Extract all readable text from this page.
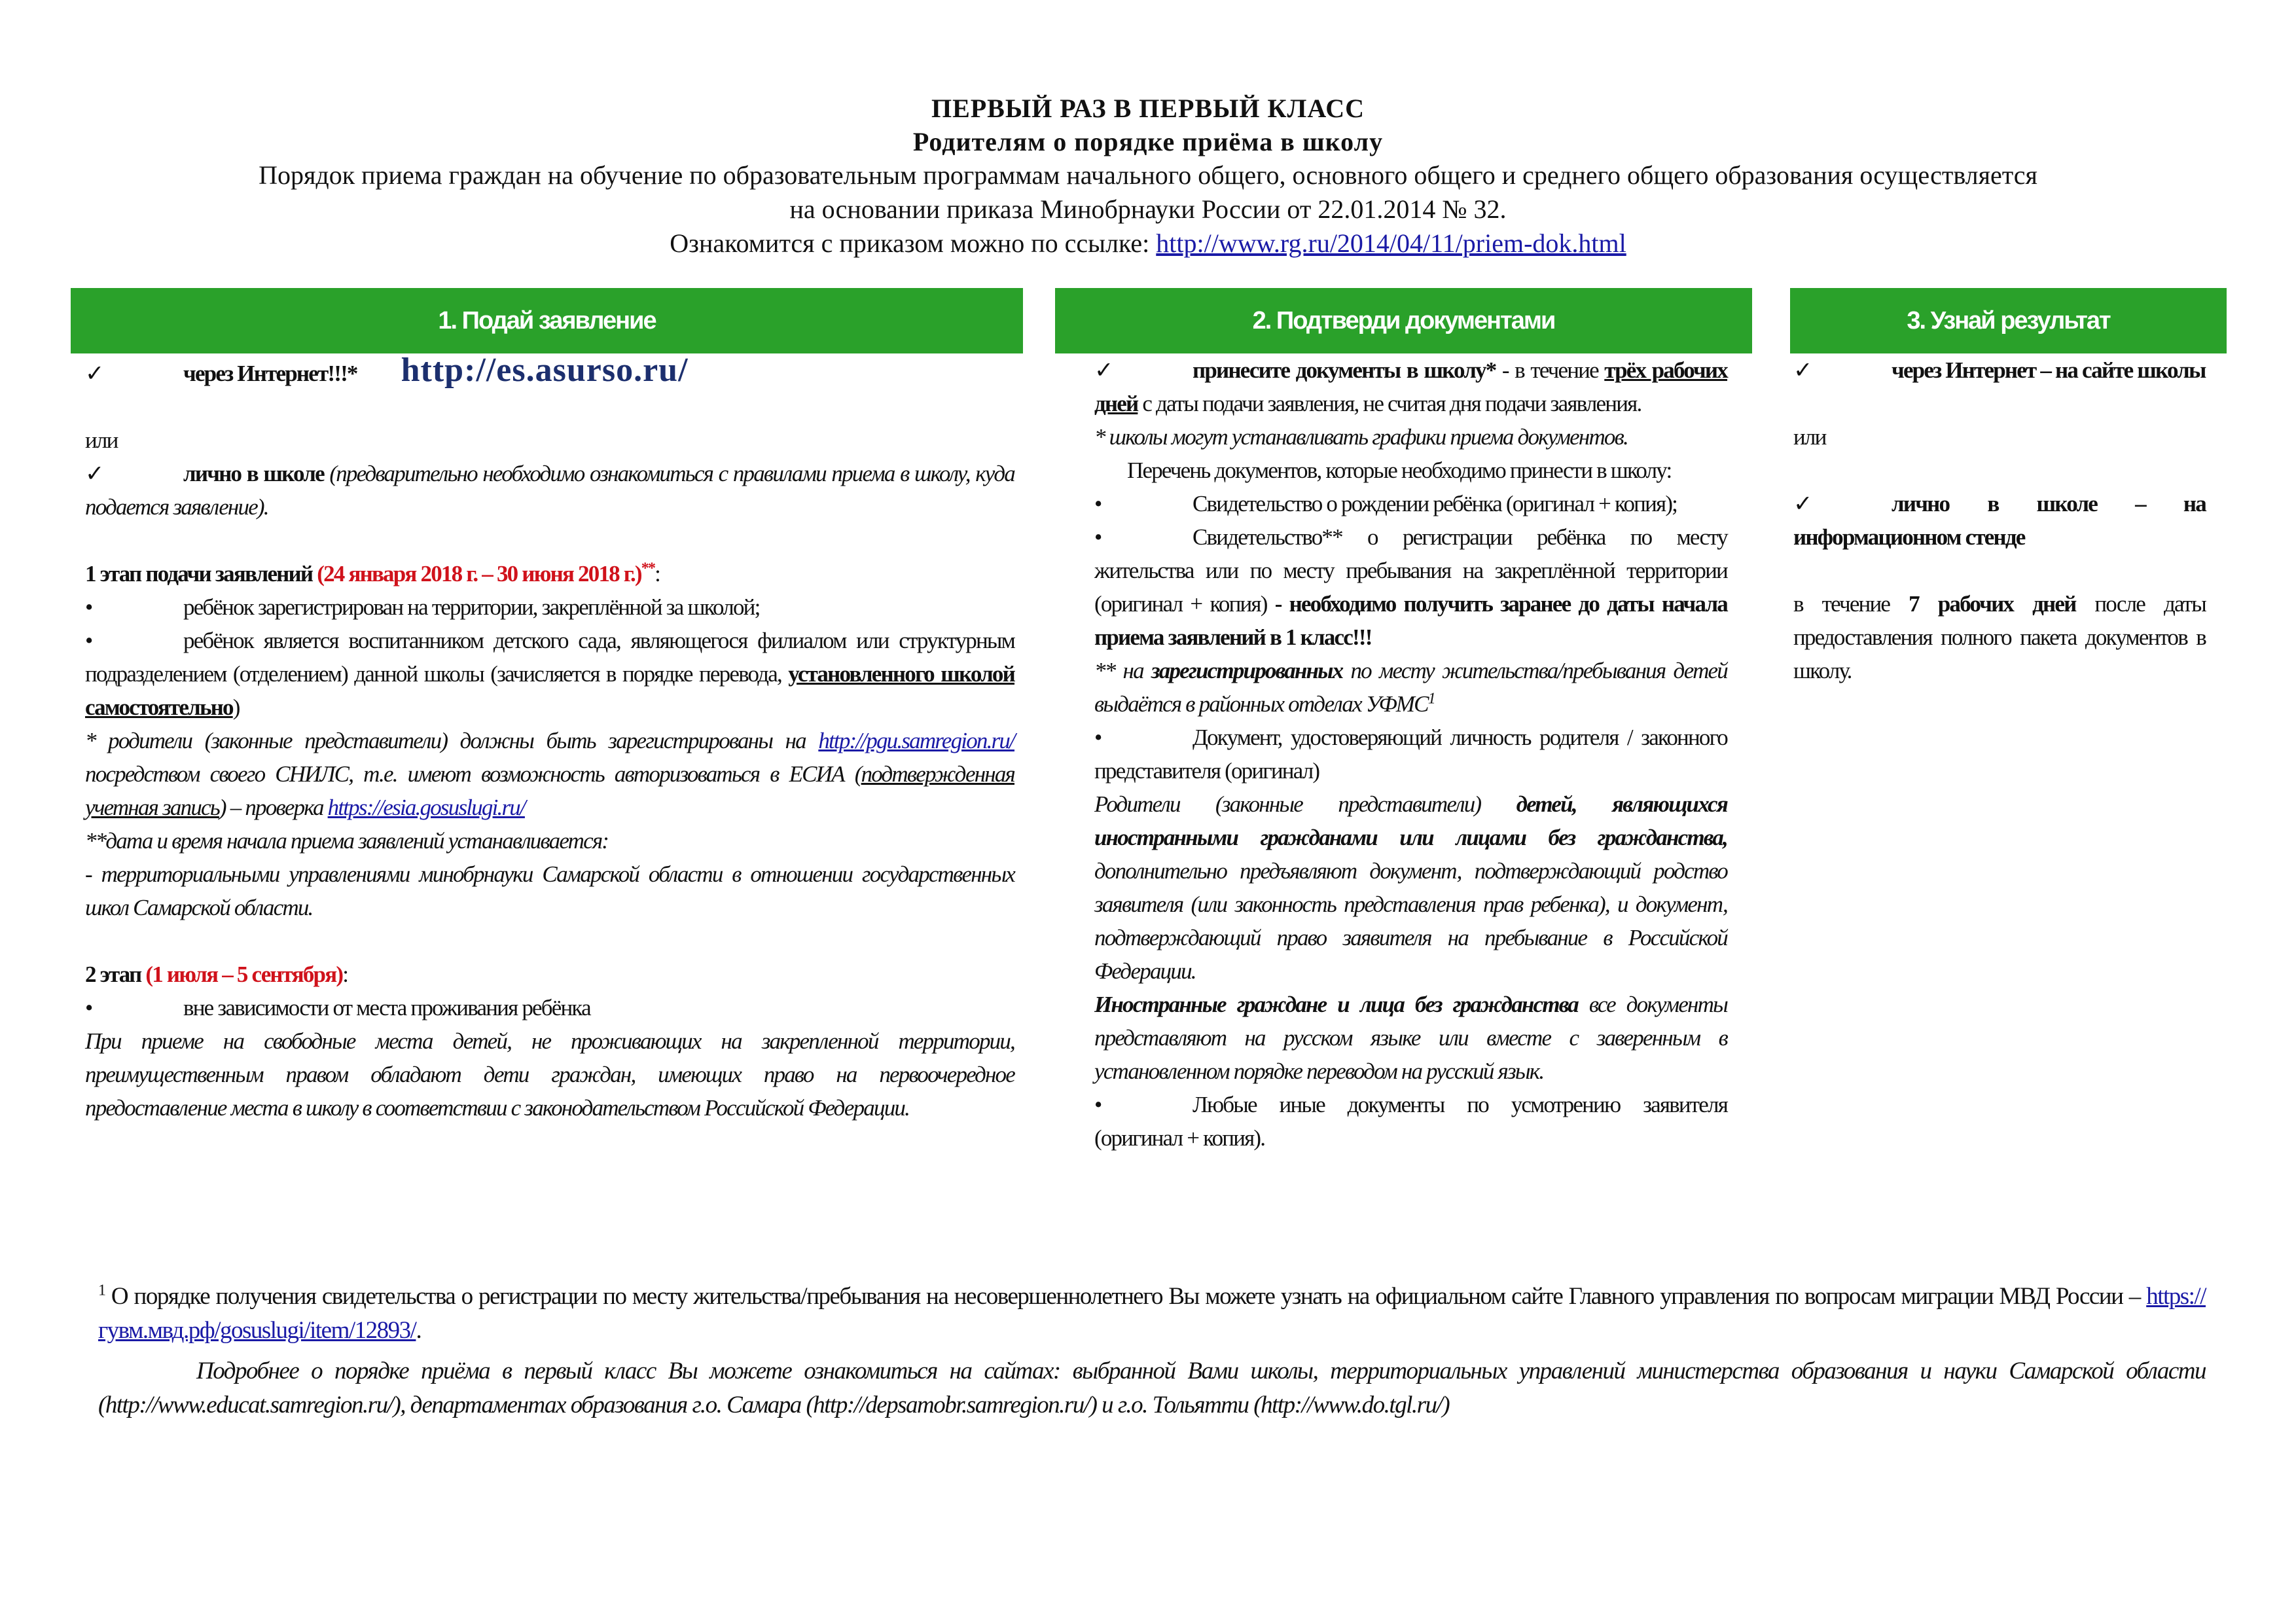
ПЕРВЫЙ РАЗ В ПЕРВЫЙ КЛАСС
Родителям о порядке приёма в школу

Порядок приема граждан на обучение по образовательным программам начального общего, основного общего и среднего общего образования осуществляется

на основании приказа Минобрнауки России от 22.01.2014 № 32.

Ознакомится с приказом можно по ссылке: http://www.rg.ru/2014/04/11/priem-dok.html

1. Подай заявление	2. Подтверди документами	3. Узнай результат

✓	через Интернет!!!* http://es.asurso.ru/

или

✓	лично в школе (предварительно необходимо ознакомиться с правилами приема в школу, куда подается заявление).

1 этап подачи заявлений (24 января 2018 г. – 30 июня 2018 г.)**:

•	ребёнок зарегистрирован на территории, закреплённой за школой;

•	ребёнок является воспитанником детского сада, являющегося филиалом или структурным подразделением (отделением) данной школы (зачисляется в порядке перевода, установленного школой самостоятельно)

* родители (законные представители) должны быть зарегистрированы на http://pgu.samregion.ru/ посредством своего СНИЛС, т.е. имеют возможность авторизоваться в ЕСИА (подтвержденная учетная запись) – проверка https://esia.gosuslugi.ru/

**дата и время начала приема заявлений устанавливается:

- территориальными управлениями минобрнауки Самарской области в отношении государственных школ Самарской области.

2 этап (1 июля – 5 сентября):

•	вне зависимости от места проживания ребёнка

При приеме на свободные места детей, не проживающих на закрепленной территории, преимущественным правом обладают дети граждан, имеющих право на первоочередное предоставление места в школу в соответствии с законодательством Российской Федерации.

✓	принесите документы в школу* - в течение трёх рабочих дней с даты подачи заявления, не считая дня подачи заявления.

* школы могут устанавливать графики приема документов.

Перечень документов, которые необходимо принести в школу:

•	Свидетельство о рождении ребёнка (оригинал + копия);

•	Свидетельство** о регистрации ребёнка по месту жительства или по месту пребывания на закреплённой территории (оригинал + копия) - необходимо получить заранее до даты начала приема заявлений в 1 класс!!!

** на зарегистрированных по месту жительства/пребывания детей выдаётся в районных отделах УФМС$^1$

•	Документ, удостоверяющий личность родителя / законного представителя (оригинал)

Родители (законные представители) детей, являющихся иностранными гражданами или лицами без гражданства, дополнительно предъявляют документ, подтверждающий родство заявителя (или законность представления прав ребенка), и документ, подтверждающий право заявителя на пребывание в Российской Федерации.

Иностранные граждане и лица без гражданства все документы представляют на русском языке или вместе с заверенным в установленном порядке переводом на русский язык.

•	Любые иные документы по усмотрению заявителя (оригинал + копия).

✓	через Интернет – на сайте школы

или

✓	лично в школе – на информационном стенде

в течение 7 рабочих дней после даты предоставления полного пакета документов в школу.

$^1$ О порядке получения свидетельства о регистрации по месту жительства/пребывания на несовершеннолетнего Вы можете узнать на официальном сайте Главного управления по вопросам миграции МВД России – https://гувм.мвд.рф/gosuslugi/item/12893/.

Подробнее о порядке приёма в первый класс Вы можете ознакомиться на сайтах: выбранной Вами школы, территориальных управлений министерства образования и науки Самарской области (http://www.educat.samregion.ru/), департаментах образования г.о. Самара (http://depsamobr.samregion.ru/) и г.о. Тольятти (http://www.do.tgl.ru/)
